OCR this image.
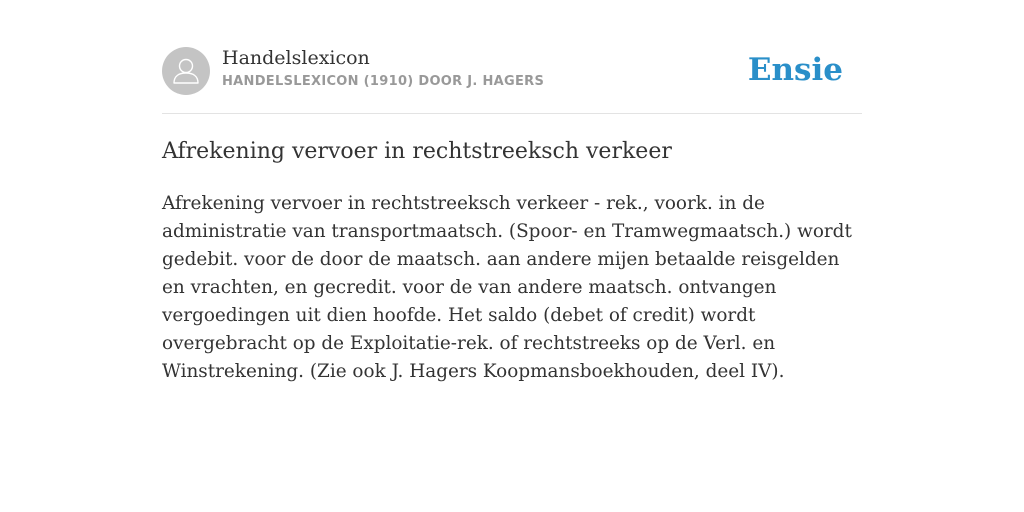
Handelslexicon
HANDELSLEXICON (1910) DOOR J. HAGERS	Ensie
Afrekening vervoer in rechtstreeksch verkeer

Afrekening vervoer in rechtstreeksch verkeer - rek., voork. in de administratie van transportmaatsch. (Spoor- en Tramwegmaatsch.) wordt gedebit. voor de door de maatsch. aan andere mijen betaalde reisgelden en vrachten, en gecredit. voor de van andere maatsch. ontvangen vergoedingen uit dien hoofde. Het saldo (debet of credit) wordt overgebracht op de Exploitatie-rek. of rechtstreeks op de Verl. en Winstrekening. (Zie ook J. Hagers Koopmansboekhouden, deel IV).
